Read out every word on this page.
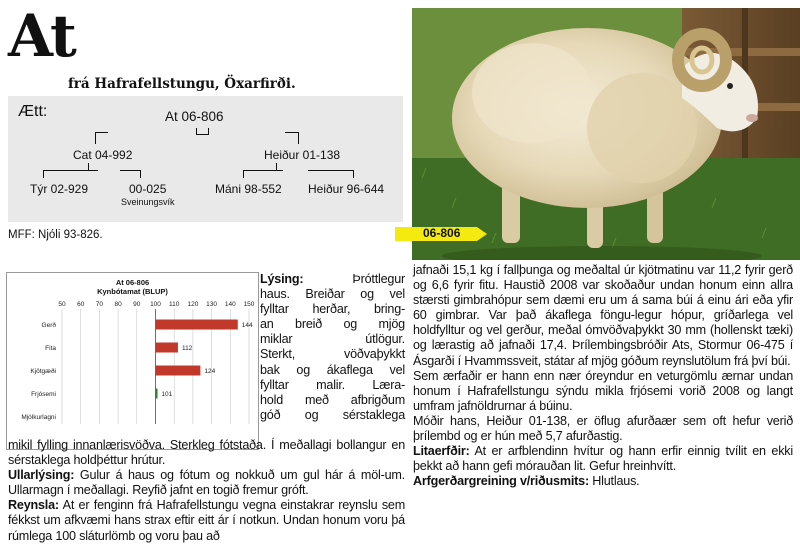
At
frá Hafrafellstungu, Öxarfirði.
Ætt:	At 06-806
Cat 04-992	Heiður 01-138
Týr 02-929	00-025
Sveinungsvík
Máni 98-552 Heiður 96-644
MFF: Njóli 93-826.	06-806
At 06-806
Kynbótamat (BLUP)
50 60 70 80 90 100 110 120 130 140 150
Gerð	144
Fita	112
Kjötgæði	124
Frjósemi	101
Mjólkurlagni
Lýsing: Þróttlegur
haus. Breiðar og vel
fylltar herðar, bring-
an breið og mjög
miklar útlögur.
Sterkt, vöðvaþykkt
bak og ákaflega vel
fylltar malir. Læra-
hold með afbrigðum
góð og sérstaklega

mikil fylling innanlærisvöðva. Sterkleg fótstaða. Í meðallagi bollangur en sérstaklega holdþéttur hrútur.

Ullarlýsing: Gulur á haus og fótum og nokkuð um gul hár á möl-um. Ullarmagn í meðallagi. Reyfið jafnt en togið fremur gróft.

Reynsla: At er fenginn frá Hafrafellstungu vegna einstakrar reynslu sem fékkst um afkvæmi hans strax eftir eitt ár í notkun. Undan honum voru þá rúmlega 100 sláturlömb og voru þau að

jafnaði 15,1 kg í fallþunga og meðaltal úr kjötmatinu var 11,2 fyrir gerð og 6,6 fyrir fitu. Haustið 2008 var skoðaður undan honum einn allra stærsti gimbrahópur sem dæmi eru um á sama búi á einu ári eða yfir 60 gimbrar. Var það ákaflega föngu-legur hópur, gríðarlega vel holdfylltur og vel gerður, meðal ómvöðvaþykkt 30 mm (hollenskt tæki) og lærastig að jafnaði 17,4. Þrílembingsbróðir Ats, Stormur 06-475 í Ásgarði í Hvammssveit, státar af mjög góðum reynslutölum frá því búi.

Sem ærfaðir er hann enn nær óreyndur en veturgömlu ærnar undan honum í Hafrafellstungu sýndu mikla frjósemi vorið 2008 og langt umfram jafnöldrurnar á búinu.

Móðir hans, Heiður 01-138, er öflug afurðaær sem oft hefur verið þrílembd og er hún með 5,7 afurðastig.

Litaerfðir: At er arfblendinn hvítur og hann erfir einnig tvílit en ekki þekkt að hann gefi mórauðan lit. Gefur hreinhvítt.

Arfgerðargreining v/riðusmits: Hlutlaus.
